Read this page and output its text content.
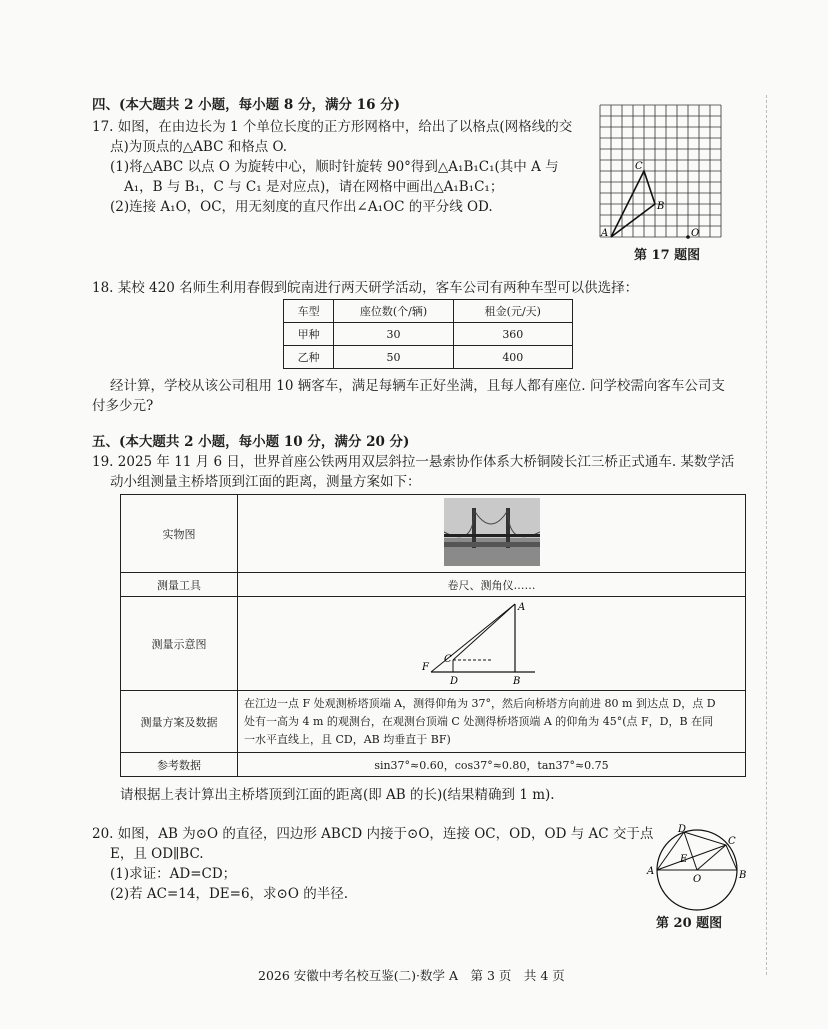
四、(本大题共 2 小题，每小题 8 分，满分 16 分)
17. 如图，在由边长为 1 个单位长度的正方形网格中，给出了以格点(网格线的交
点)为顶点的△ABC 和格点 O.
(1)将△ABC 以点 O 为旋转中心，顺时针旋转 90°得到△A₁B₁C₁(其中 A 与
A₁，B 与 B₁，C 与 C₁ 是对应点)，请在网格中画出△A₁B₁C₁；
(2)连接 A₁O，OC，用无刻度的直尺作出∠A₁OC 的平分线 OD.
A
C
B
O
第 17 题图
18. 某校 420 名师生利用春假到皖南进行两天研学活动，客车公司有两种车型可以供选择：
车型	座位数(个/辆)	租金(元/天)
甲种	30	360
乙种	50	400
经计算，学校从该公司租用 10 辆客车，满足每辆车正好坐满，且每人都有座位. 问学校需向客车公司支
付多少元?
五、(本大题共 2 小题，每小题 10 分，满分 20 分)
19. 2025 年 11 月 6 日，世界首座公铁两用双层斜拉一悬索协作体系大桥铜陵长江三桥正式通车. 某数学活
动小组测量主桥塔顶到江面的距离，测量方案如下：
实物图	
测量工具	卷尺、测角仪……
测量示意图	A
B
C
D
F

测量方案及数据	在江边一点 F 处观测桥塔顶端 A，测得仰角为 37°，然后向桥塔方向前进 80 m 到达点 D，点 D
处有一高为 4 m 的观测台，在观测台顶端 C 处测得桥塔顶端 A 的仰角为 45°(点 F，D，B 在同
一水平直线上，且 CD，AB 均垂直于 BF)

参考数据	sin37°≈0.60，cos37°≈0.80，tan37°≈0.75
请根据上表计算出主桥塔顶到江面的距离(即 AB 的长)(结果精确到 1 m).
20. 如图，AB 为⊙O 的直径，四边形 ABCD 内接于⊙O，连接 OC，OD，OD 与 AC 交于点
E，且 OD∥BC.
(1)求证：AD=CD；
(2)若 AC=14，DE=6，求⊙O 的半径.
A	B
C
D
E
O
第 20 题图
2026 安徽中考名校互鉴(二)·数学 A　第 3 页　共 4 页
